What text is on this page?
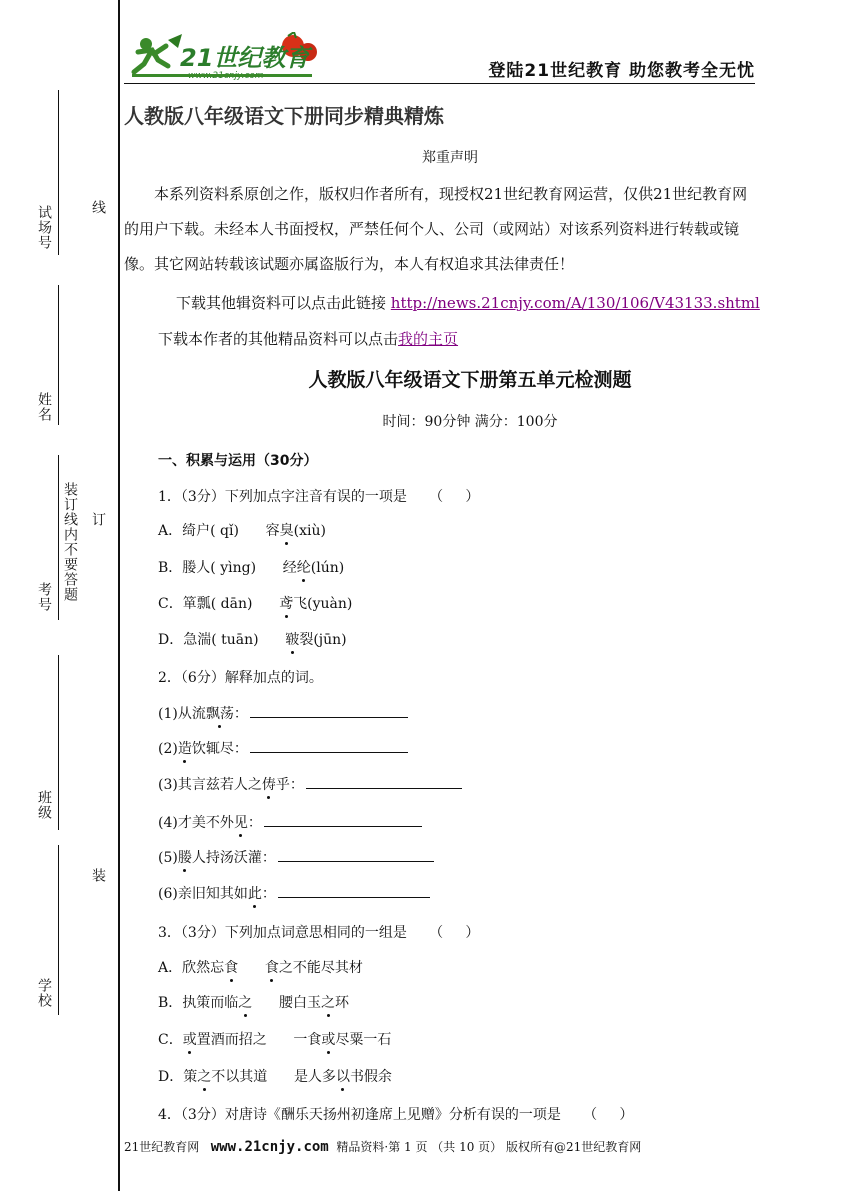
试场号
姓名
考号
班级
学校
装订线内不要答题
线
订
装
21世纪教育	登陆21世纪教育 助您教考全无忧
人教版八年级语文下册同步精典精炼
郑重声明
本系列资料系原创之作，版权归作者所有，现授权21世纪教育网运营，仅供21世纪教育网的用户下载。未经本人书面授权，严禁任何个人、公司（或网站）对该系列资料进行转载或镜像。其它网站转载该试题亦属盗版行为，本人有权追求其法律责任！
下载其他辑资料可以点击此链接 http://news.21cnjy.com/A/130/106/V43133.shtml
下载本作者的其他精品资料可以点击我的主页
人教版八年级语文下册第五单元检测题
时间：90分钟 满分：100分
一、积累与运用（30分）
1．（3分）下列加点字注音有误的一项是     （     ）
A．绮户( qǐ) 容臭(xiù)
B．媵人( yìng) 经纶(lún)
C．箪瓢( dān) 鸢飞(yuàn)
D．急湍( tuān) 皲裂(jūn)
2．（6分）解释加点的词。
(1)从流飘荡：
(2)造饮辄尽：
(3)其言兹若人之俦乎：
(4)才美不外见：
(5)媵人持汤沃灌：
(6)亲旧知其如此：
3．（3分）下列加点词意思相同的一组是     （     ）
A．欣然忘食 食之不能尽其材
B．执策而临之 腰白玉之环
C．或置酒而招之 一食或尽粟一石
D．策之不以其道 是人多以书假余
4．（3分）对唐诗《酬乐天扬州初逢席上见赠》分析有误的一项是     （     ）
21世纪教育网 www.21cnjy.com 精品资料·第 1 页 （共 10 页） 版权所有@21世纪教育网
